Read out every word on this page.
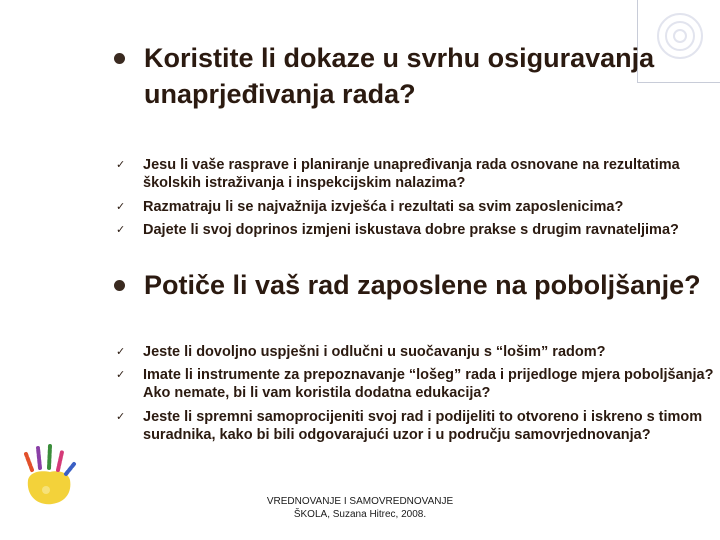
Koristite li dokaze u svrhu osiguravanja unaprjeđivanja rada?
✓ Jesu li vaše rasprave i planiranje unapređivanja rada osnovane na rezultatima školskih istraživanja i inspekcijskim nalazima?
✓ Razmatraju li se najvažnija izvješća i rezultati sa svim zaposlenicima?
✓ Dajete li svoj doprinos izmjeni iskustava dobre prakse s drugim ravnateljima?
Potiče li vaš rad zaposlene na poboljšanje?
✓ Jeste li dovoljno uspješni i odlučni u suočavanju s “lošim” radom?
✓ Imate li instrumente za prepoznavanje “lošeg” rada i prijedloge mjera poboljšanja? Ako nemate, bi li vam koristila dodatna edukacija?
✓ Jeste li spremni samoprocijeniti svoj rad i podijeliti to otvoreno i iskreno s timom suradnika, kako bi bili odgovarajući uzor i u području samovrjednovanja?
VREDNOVANJE I SAMOVREDNOVANJE
ŠKOLA, Suzana Hitrec, 2008.
